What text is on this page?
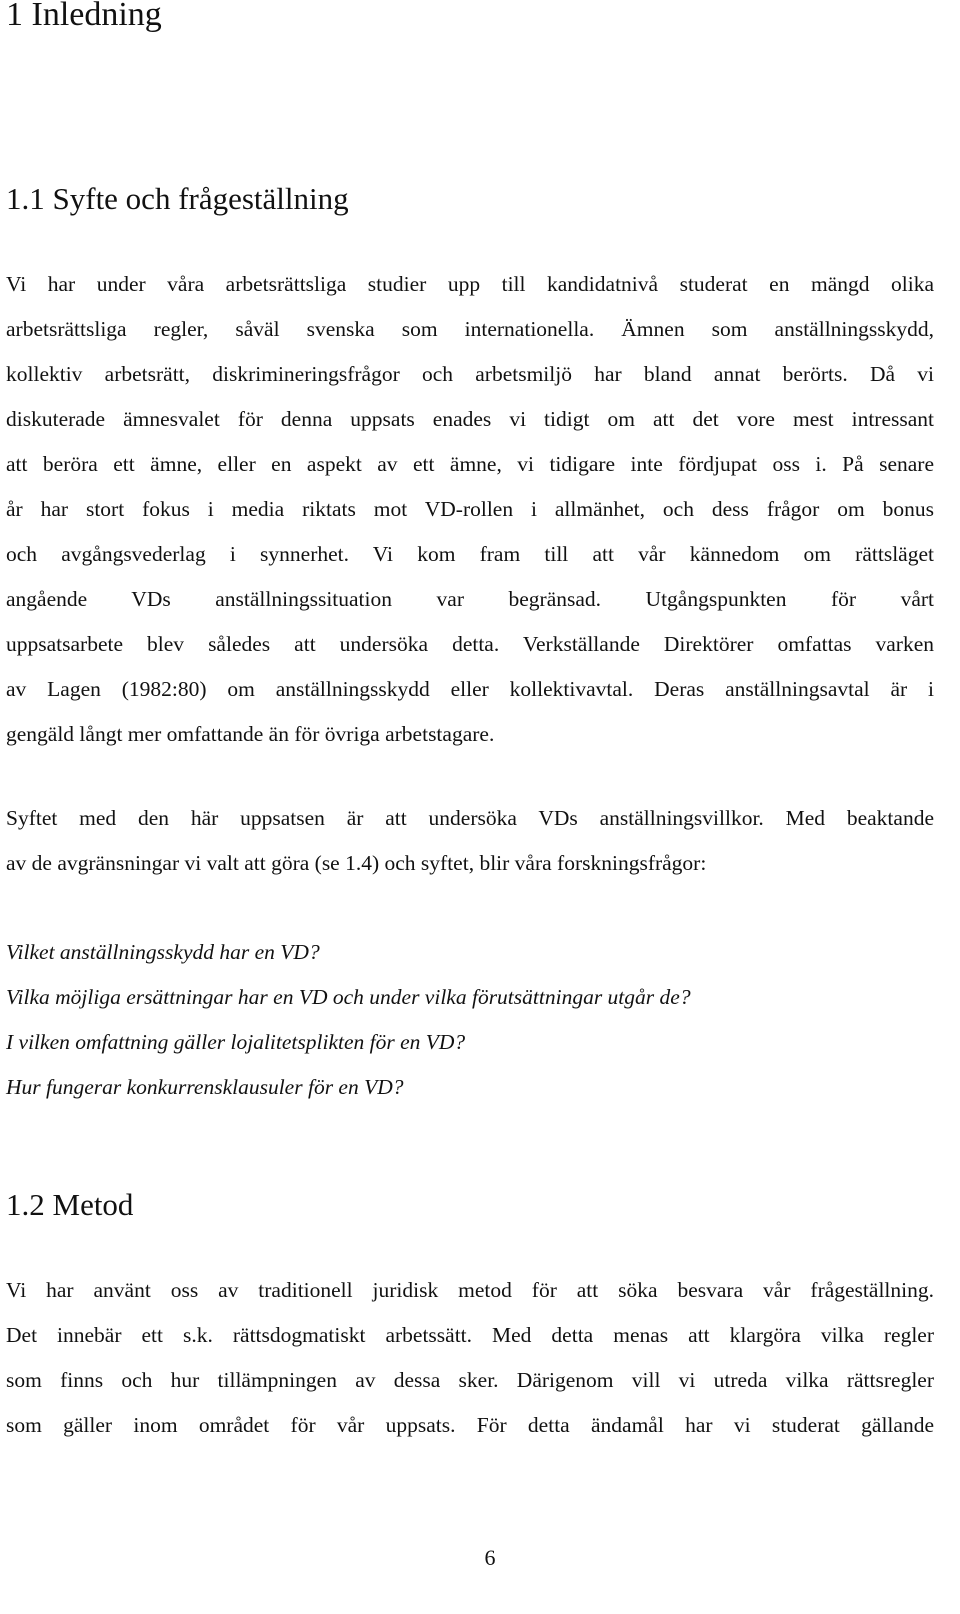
1 Inledning
1.1 Syfte och frågeställning
Vi har under våra arbetsrättsliga studier upp till kandidatnivå studerat en mängd olika
arbetsrättsliga regler, såväl svenska som internationella. Ämnen som anställningsskydd,
kollektiv arbetsrätt, diskrimineringsfrågor och arbetsmiljö har bland annat berörts. Då vi
diskuterade ämnesvalet för denna uppsats enades vi tidigt om att det vore mest intressant
att beröra ett ämne, eller en aspekt av ett ämne, vi tidigare inte fördjupat oss i. På senare
år har stort fokus i media riktats mot VD-rollen i allmänhet, och dess frågor om bonus
och avgångsvederlag i synnerhet. Vi kom fram till att vår kännedom om rättsläget
angående VDs anställningssituation var begränsad. Utgångspunkten för vårt
uppsatsarbete blev således att undersöka detta. Verkställande Direktörer omfattas varken
av Lagen (1982:80) om anställningsskydd eller kollektivavtal. Deras anställningsavtal är i
gengäld långt mer omfattande än för övriga arbetstagare.
Syftet med den här uppsatsen är att undersöka VDs anställningsvillkor. Med beaktande
av de avgränsningar vi valt att göra (se 1.4) och syftet, blir våra forskningsfrågor:
Vilket anställningsskydd har en VD?
Vilka möjliga ersättningar har en VD och under vilka förutsättningar utgår de?
I vilken omfattning gäller lojalitetsplikten för en VD?
Hur fungerar konkurrensklausuler för en VD?
1.2 Metod
Vi har använt oss av traditionell juridisk metod för att söka besvara vår frågeställning.
Det innebär ett s.k. rättsdogmatiskt arbetssätt. Med detta menas att klargöra vilka regler
som finns och hur tillämpningen av dessa sker. Därigenom vill vi utreda vilka rättsregler
som gäller inom området för vår uppsats. För detta ändamål har vi studerat gällande
6
